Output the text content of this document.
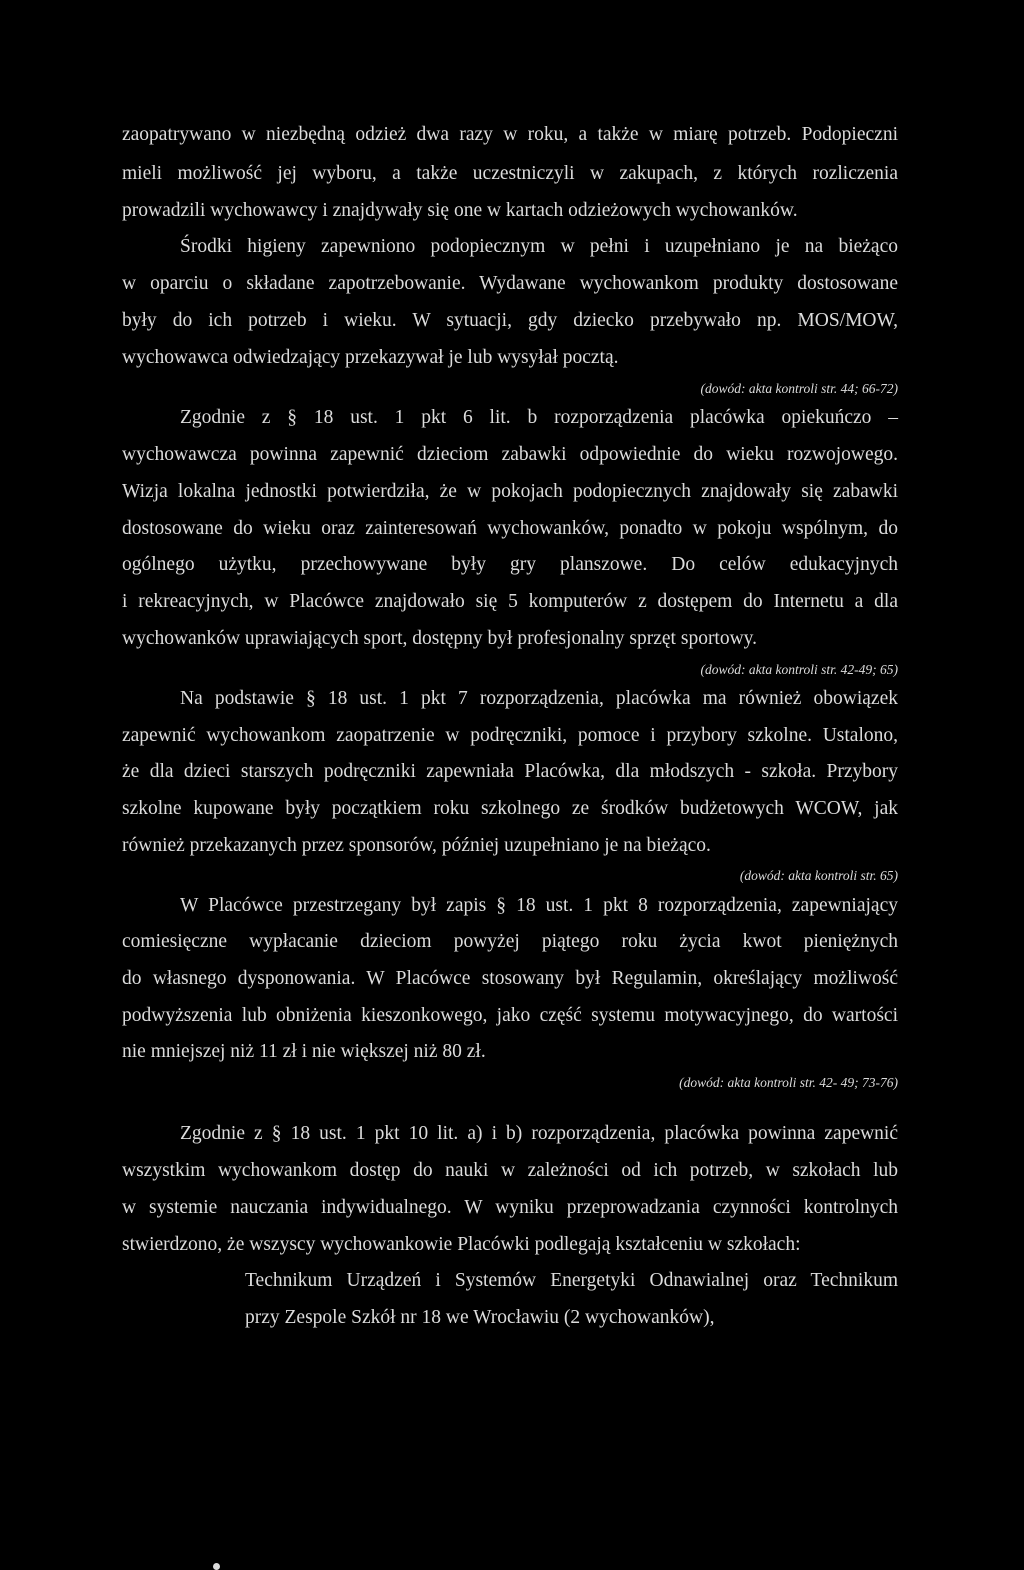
zaopatrywano w niezbędną odzież dwa razy w roku, a także w miarę potrzeb. Podopieczni
mieli możliwość jej wyboru, a także uczestniczyli w zakupach, z których rozliczenia
prowadzili wychowawcy i znajdywały się one w kartach odzieżowych wychowanków.
Środki higieny zapewniono podopiecznym w pełni i uzupełniano je na bieżąco
w oparciu o składane zapotrzebowanie. Wydawane wychowankom produkty dostosowane
były do ich potrzeb i wieku. W sytuacji, gdy dziecko przebywało np. MOS/MOW,
wychowawca odwiedzający przekazywał je lub wysyłał pocztą.
(dowód: akta kontroli str. 44; 66-72)
Zgodnie z § 18 ust. 1 pkt 6 lit. b rozporządzenia placówka opiekuńczo –
wychowawcza powinna zapewnić dzieciom zabawki odpowiednie do wieku rozwojowego.
Wizja lokalna jednostki potwierdziła, że w pokojach podopiecznych znajdowały się zabawki
dostosowane do wieku oraz zainteresowań wychowanków, ponadto w pokoju wspólnym, do
ogólnego użytku, przechowywane były gry planszowe. Do celów edukacyjnych
i rekreacyjnych, w Placówce znajdowało się 5 komputerów z dostępem do Internetu a dla
wychowanków uprawiających sport, dostępny był profesjonalny sprzęt sportowy.
(dowód: akta kontroli str. 42-49; 65)
Na podstawie § 18 ust. 1 pkt 7 rozporządzenia, placówka ma również obowiązek
zapewnić wychowankom zaopatrzenie w podręczniki, pomoce i przybory szkolne. Ustalono,
że dla dzieci starszych podręczniki zapewniała Placówka, dla młodszych - szkoła. Przybory
szkolne kupowane były początkiem roku szkolnego ze środków budżetowych WCOW, jak
również przekazanych przez sponsorów, później uzupełniano je na bieżąco.
(dowód: akta kontroli str. 65)
W Placówce przestrzegany był zapis § 18 ust. 1 pkt 8 rozporządzenia, zapewniający
comiesięczne wypłacanie dzieciom powyżej piątego roku życia kwot pieniężnych
do własnego dysponowania. W Placówce stosowany był Regulamin, określający możliwość
podwyższenia lub obniżenia kieszonkowego, jako część systemu motywacyjnego, do wartości
nie mniejszej niż 11 zł i nie większej niż 80 zł.
(dowód: akta kontroli str. 42- 49; 73-76)
Zgodnie z § 18 ust. 1 pkt 10 lit. a) i b) rozporządzenia, placówka powinna zapewnić
wszystkim wychowankom dostęp do nauki w zależności od ich potrzeb, w szkołach lub
w systemie nauczania indywidualnego. W wyniku przeprowadzania czynności kontrolnych
stwierdzono, że wszyscy wychowankowie Placówki podlegają kształceniu w szkołach:
Technikum Urządzeń i Systemów Energetyki Odnawialnej oraz Technikum
przy Zespole Szkół nr 18 we Wrocławiu (2 wychowanków),
